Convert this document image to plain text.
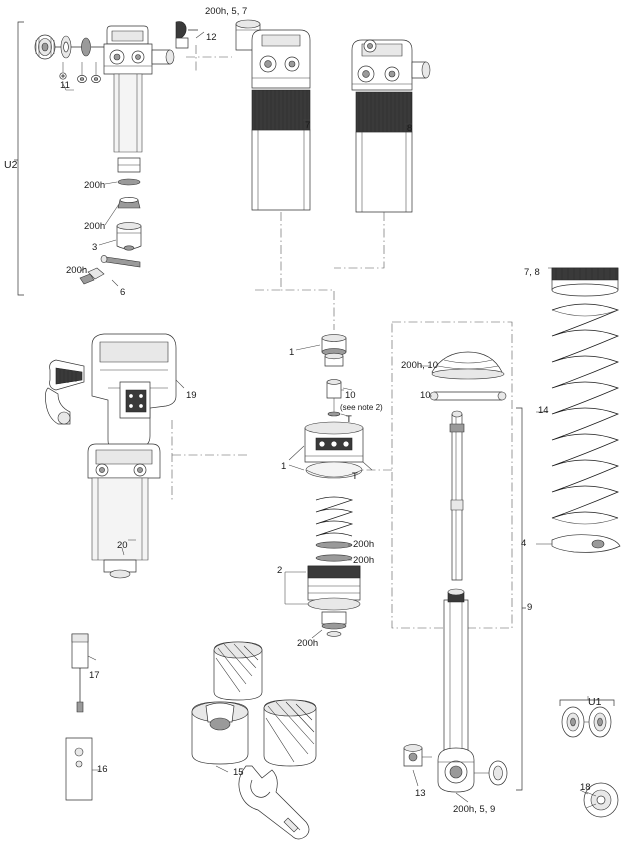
U2
11
12
200h, 5, 7
7	8
200h
200h
3
200h
6
7, 8
19
20
1
10
(see note 2)
T
1
T
200h
200h
2
200h
200h, 10
10
14
4
9
17
16	15
13
200h, 5, 9
U1
18
